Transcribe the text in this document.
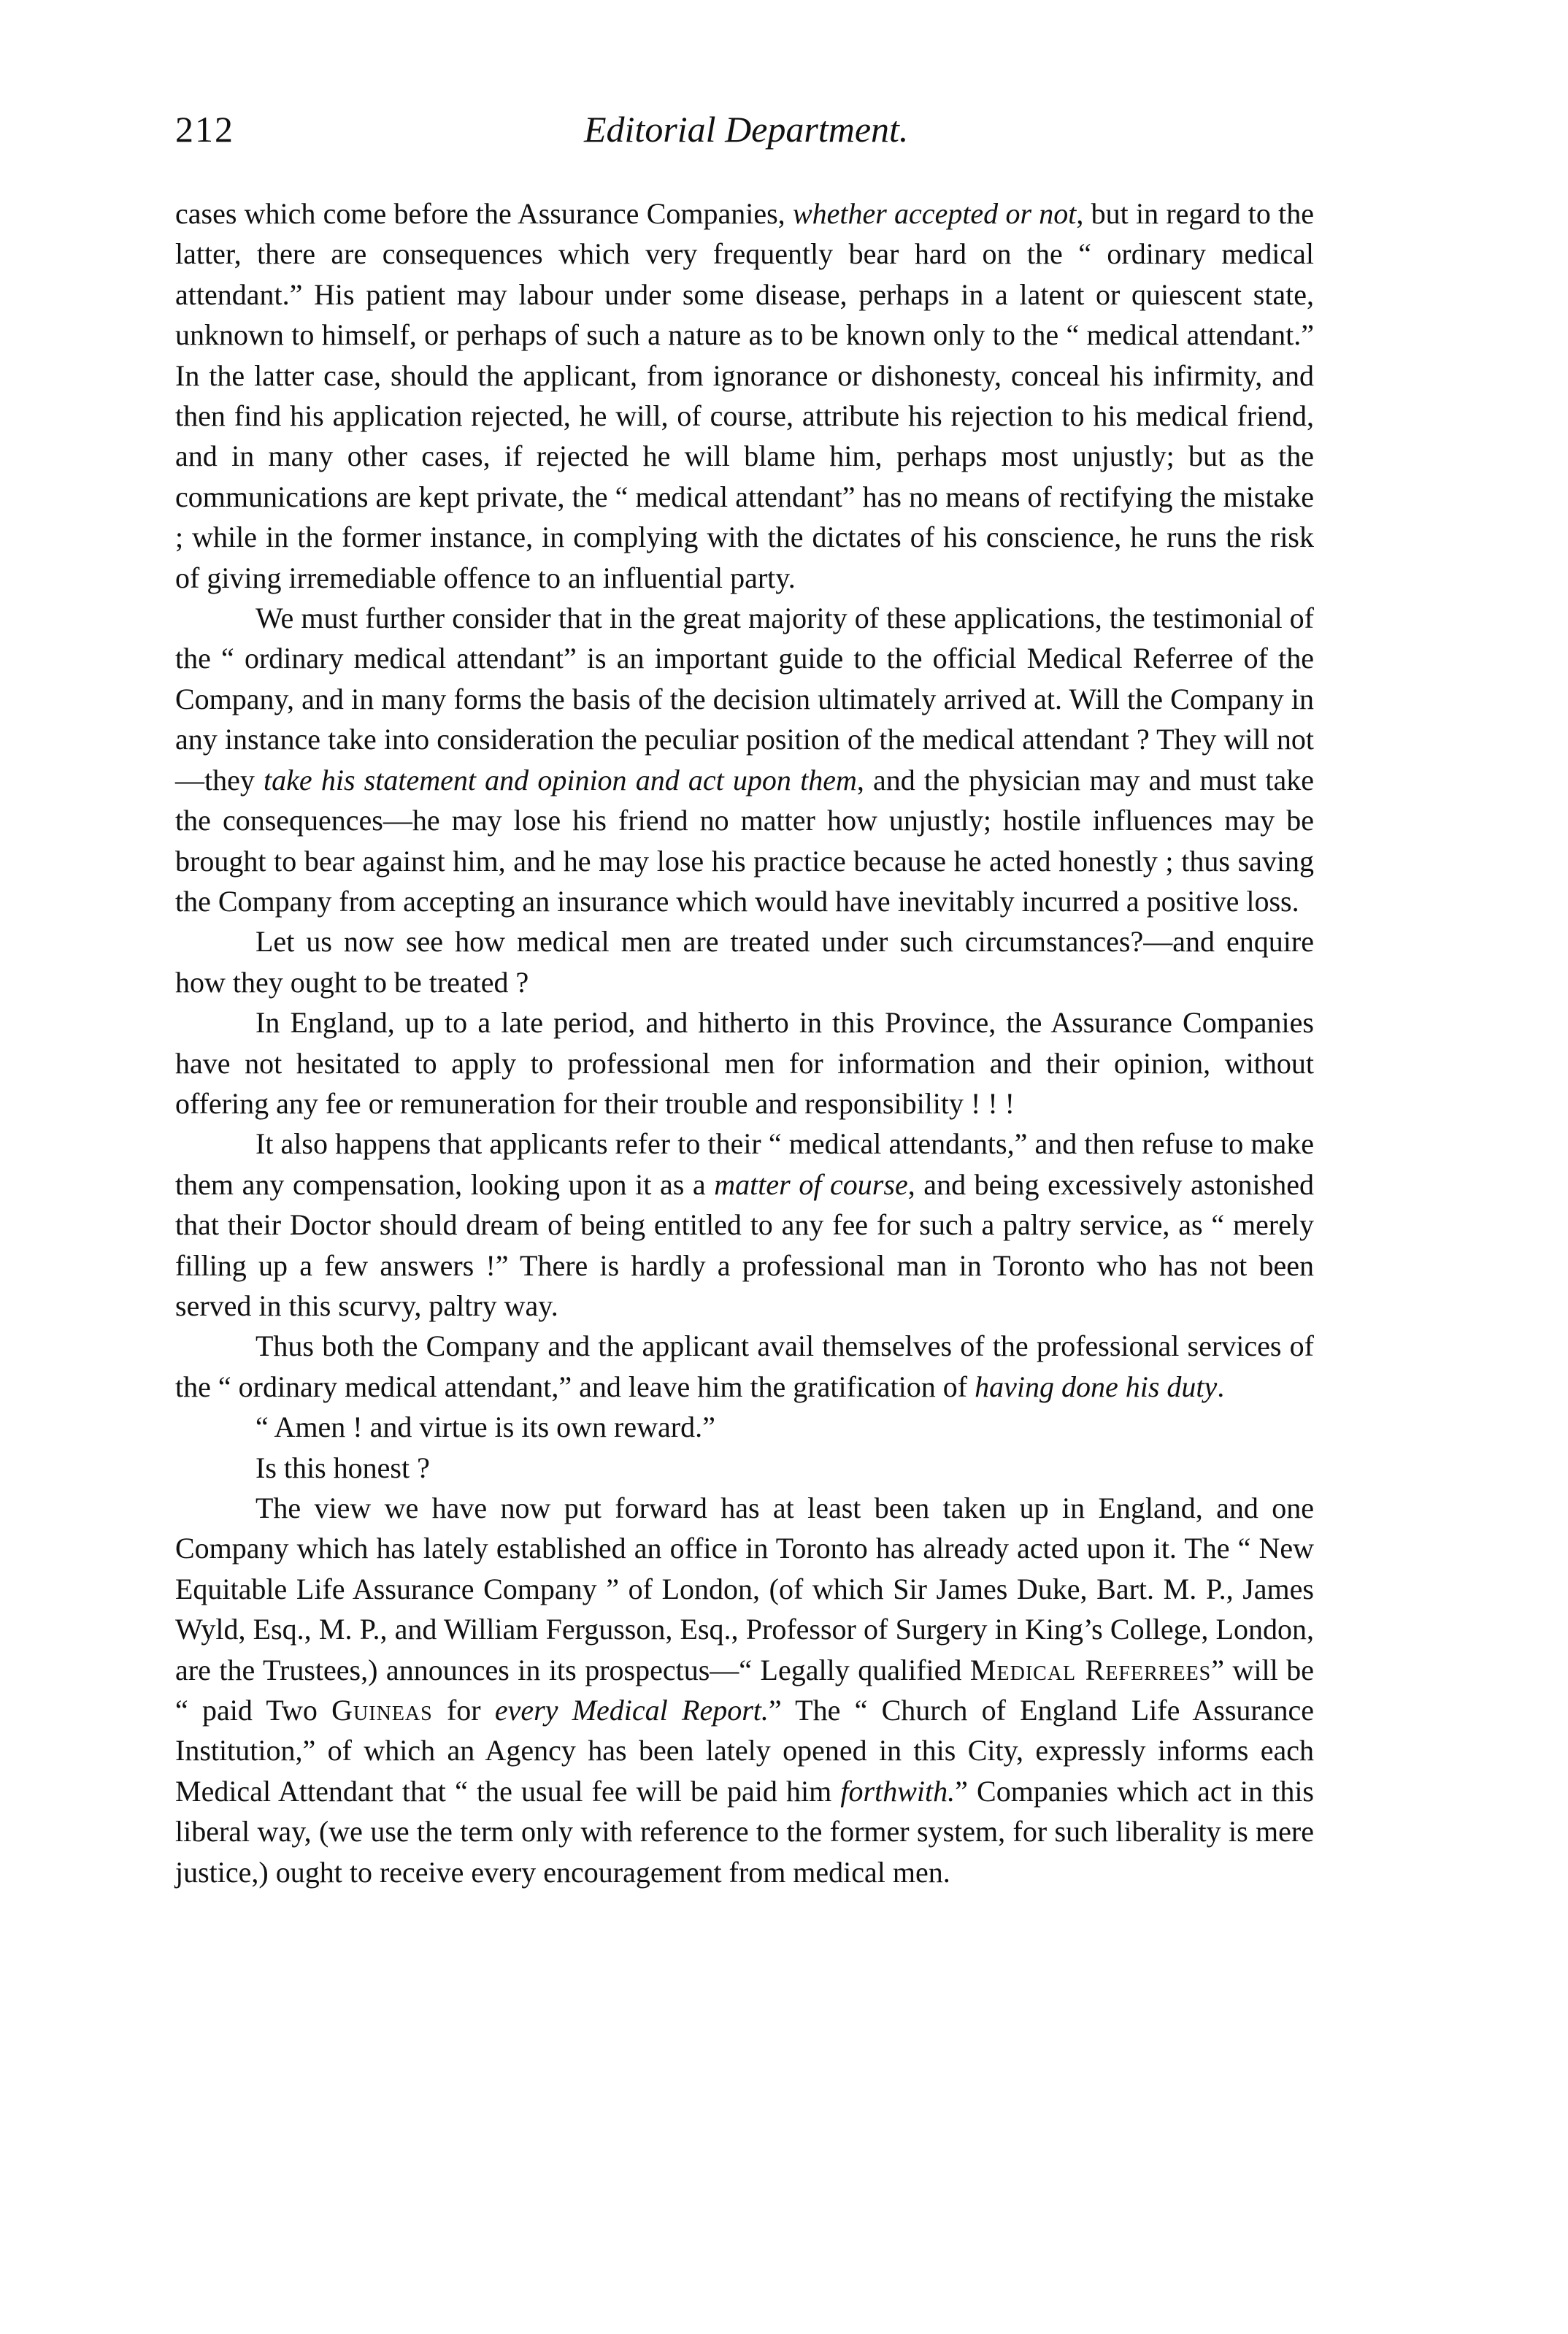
212	Editorial Department.

cases which come before the Assurance Companies, whether accepted or not, but in regard to the latter, there are consequences which very frequently bear hard on the “ ordinary medical attendant.” His patient may labour under some disease, perhaps in a latent or quiescent state, unknown to himself, or perhaps of such a nature as to be known only to the “ medical attendant.” In the latter case, should the applicant, from ignorance or dishonesty, conceal his infirmity, and then find his application rejected, he will, of course, attribute his rejection to his medical friend, and in many other cases, if rejected he will blame him, perhaps most unjustly; but as the communications are kept private, the “ medical attendant” has no means of rectifying the mistake ; while in the former instance, in complying with the dictates of his conscience, he runs the risk of giving irremediable offence to an influential party.

We must further consider that in the great majority of these applications, the testimonial of the “ ordinary medical attendant” is an important guide to the official Medical Referree of the Company, and in many forms the basis of the decision ultimately arrived at. Will the Company in any instance take into consideration the peculiar position of the medical attendant ? They will not—they take his statement and opinion and act upon them, and the physician may and must take the consequences—he may lose his friend no matter how unjustly; hostile influences may be brought to bear against him, and he may lose his practice because he acted honestly ; thus saving the Company from accepting an insurance which would have inevitably incurred a positive loss.

Let us now see how medical men are treated under such circumstances?—and enquire how they ought to be treated ?

In England, up to a late period, and hitherto in this Province, the Assurance Companies have not hesitated to apply to professional men for information and their opinion, without offering any fee or remuneration for their trouble and responsibility ! ! !

It also happens that applicants refer to their “ medical attendants,” and then refuse to make them any compensation, looking upon it as a matter of course, and being excessively astonished that their Doctor should dream of being entitled to any fee for such a paltry service, as “ merely filling up a few answers !” There is hardly a professional man in Toronto who has not been served in this scurvy, paltry way.

Thus both the Company and the applicant avail themselves of the professional services of the “ ordinary medical attendant,” and leave him the gratification of having done his duty.

“ Amen ! and virtue is its own reward.”

Is this honest ?

The view we have now put forward has at least been taken up in England, and one Company which has lately established an office in Toronto has already acted upon it. The “ New Equitable Life Assurance Company ” of London, (of which Sir James Duke, Bart. M. P., James Wyld, Esq., M. P., and William Fergusson, Esq., Professor of Surgery in King’s College, London, are the Trustees,) announces in its prospectus—“ Legally qualified Medical Referrees” will be “ paid Two Guineas for every Medical Report.” The “ Church of England Life Assurance Institution,” of which an Agency has been lately opened in this City, expressly informs each Medical Attendant that “ the usual fee will be paid him forthwith.” Companies which act in this liberal way, (we use the term only with reference to the former system, for such liberality is mere justice,) ought to receive every encouragement from medical men.
